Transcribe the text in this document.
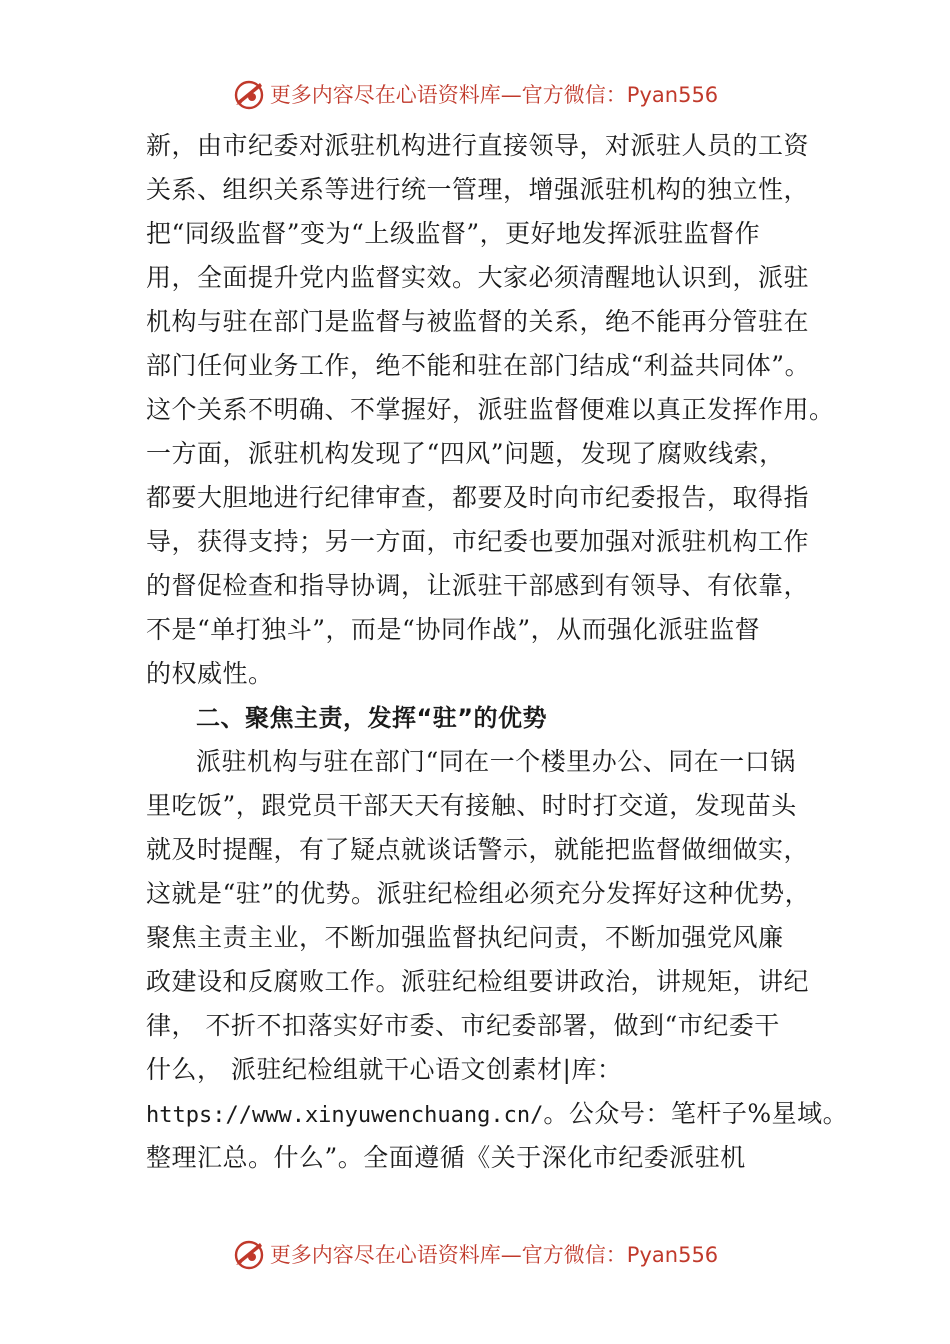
更多内容尽在心语资料库—官方微信：Pyan556
新，由市纪委对派驻机构进行直接领导，对派驻人员的工资
关系、组织关系等进行统一管理，增强派驻机构的独立性，
把“同级监督”变为“上级监督”，更好地发挥派驻监督作
用，全面提升党内监督实效。大家必须清醒地认识到，派驻
机构与驻在部门是监督与被监督的关系，绝不能再分管驻在
部门任何业务工作，绝不能和驻在部门结成“利益共同体”。
这个关系不明确、不掌握好，派驻监督便难以真正发挥作用。
一方面，派驻机构发现了“四风”问题，发现了腐败线索，
都要大胆地进行纪律审查，都要及时向市纪委报告，取得指
导，获得支持；另一方面，市纪委也要加强对派驻机构工作
的督促检查和指导协调，让派驻干部感到有领导、有依靠，
不是“单打独斗”，而是“协同作战”，从而强化派驻监督
的权威性。
二、聚焦主责，发挥“驻”的优势
派驻机构与驻在部门“同在一个楼里办公、同在一口锅
里吃饭”，跟党员干部天天有接触、时时打交道，发现苗头
就及时提醒，有了疑点就谈话警示，就能把监督做细做实，
这就是“驻”的优势。派驻纪检组必须充分发挥好这种优势，
聚焦主责主业，不断加强监督执纪问责，不断加强党风廉
政建设和反腐败工作。派驻纪检组要讲政治，讲规矩，讲纪
律， 不折不扣落实好市委、市纪委部署，做到“市纪委干
什么， 派驻纪检组就干心语文创素材|库：
https://www.xinyuwenchuang.cn/。公众号：笔杆子%星域。
整理汇总。什么”。全面遵循《关于深化市纪委派驻机
更多内容尽在心语资料库—官方微信：Pyan556
